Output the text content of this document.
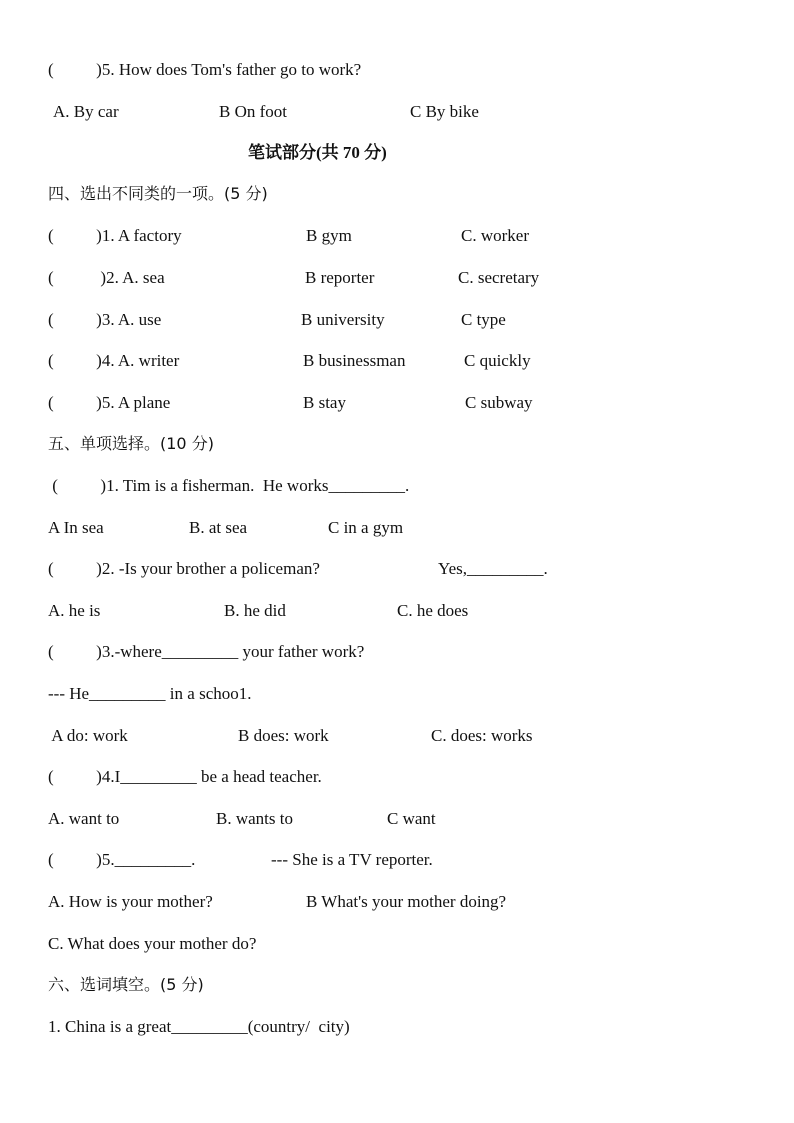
(          )5. How does Tom's father go to work?
A. By car	B On foot	C By bike
笔试部分(共 70 分)
四、选出不同类的一项。(5 分)
(          )1. A factory	B gym	C. worker
(           )2. A. sea	B reporter	C. secretary
(          )3. A. use	B university	C type
(          )4. A. writer	B businessman	C quickly
(          )5. A plane	B stay	C subway
五、单项选择。(10 分)
(          )1. Tim is a fisherman.  He works_________.
A In sea	B. at sea	C in a gym
(          )2. -Is your brother a policeman?	Yes,_________.
A. he is	B. he did	C. he does
(          )3.-where_________ your father work?
--- He_________ in a schoo1.
A do: work	B does: work	C. does: works
(          )4.I_________ be a head teacher.
A. want to	B. wants to	C want
(          )5._________.	--- She is a TV reporter.
A. How is your mother?	B What's your mother doing?
C. What does your mother do?
六、选词填空。(5 分)
1. China is a great_________(country/  city)
